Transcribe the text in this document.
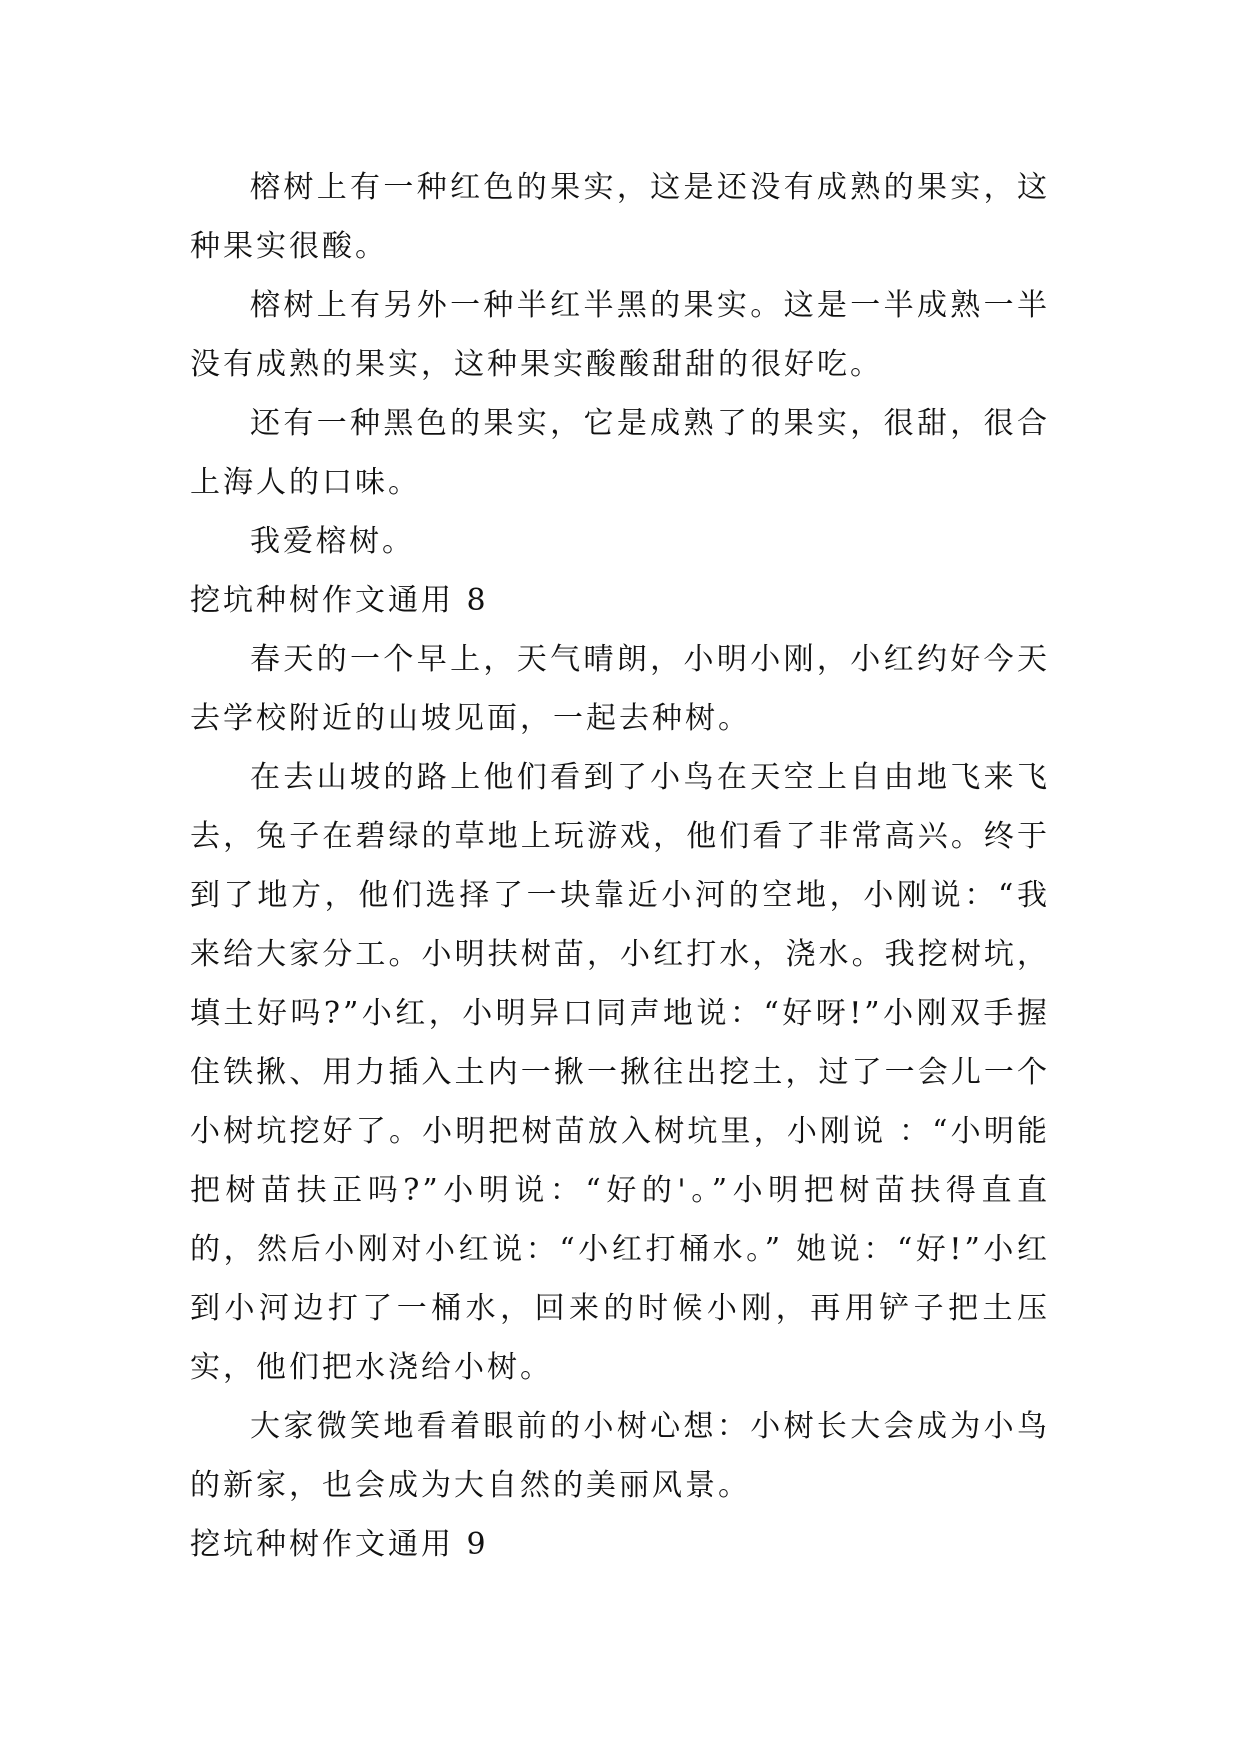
榕树上有一种红色的果实，这是还没有成熟的果实，这种果实很酸。

榕树上有另外一种半红半黑的果实。这是一半成熟一半没有成熟的果实，这种果实酸酸甜甜的很好吃。

还有一种黑色的果实，它是成熟了的果实，很甜，很合上海人的口味。

我爱榕树。

挖坑种树作文通用 8

春天的一个早上，天气晴朗，小明小刚，小红约好今天去学校附近的山坡见面，一起去种树。

在去山坡的路上他们看到了小鸟在天空上自由地飞来飞去，兔子在碧绿的草地上玩游戏，他们看了非常高兴。终于到了地方，他们选择了一块靠近小河的空地，小刚说：“我来给大家分工。小明扶树苗，小红打水，浇水。我挖树坑，填土好吗?”小红，小明异口同声地说：“好呀!”小刚双手握住铁揪、用力插入土内一揪一揪往出挖土，过了一会儿一个小树坑挖好了。小明把树苗放入树坑里，小刚说 ：“小明能把树苗扶正吗?”小明说：“好的'。”小明把树苗扶得直直的，然后小刚对小红说：“小红打桶水。” 她说：“好!”小红到小河边打了一桶水，回来的时候小刚，再用铲子把土压实，他们把水浇给小树。

大家微笑地看着眼前的小树心想：小树长大会成为小鸟的新家，也会成为大自然的美丽风景。

挖坑种树作文通用 9
